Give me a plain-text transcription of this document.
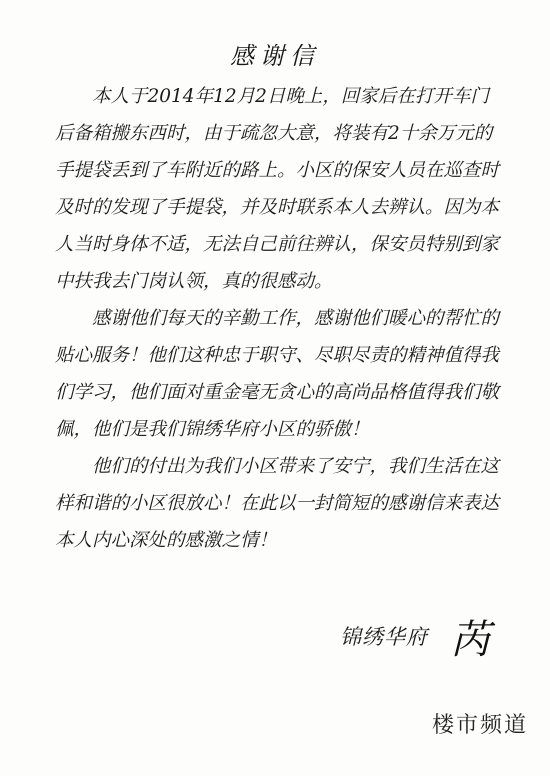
感谢信

本人于2014年12月2日晚上，回家后在打开车门后备箱搬东西时，由于疏忽大意，将装有2十余万元的手提袋丢到了车附近的路上。小区的保安人员在巡查时及时的发现了手提袋，并及时联系本人去辨认。因为本人当时身体不适，无法自己前往辨认，保安员特别到家中扶我去门岗认领，真的很感动。

感谢他们每天的辛勤工作，感谢他们暖心的帮忙的贴心服务！他们这种忠于职守、尽职尽责的精神值得我们学习，他们面对重金毫无贪心的高尚品格值得我们敬佩，他们是我们锦绣华府小区的骄傲！

他们的付出为我们小区带来了安宁，我们生活在这样和谐的小区很放心！在此以一封简短的感谢信来表达本人内心深处的感激之情！

锦绣华府 芮
楼市频道
